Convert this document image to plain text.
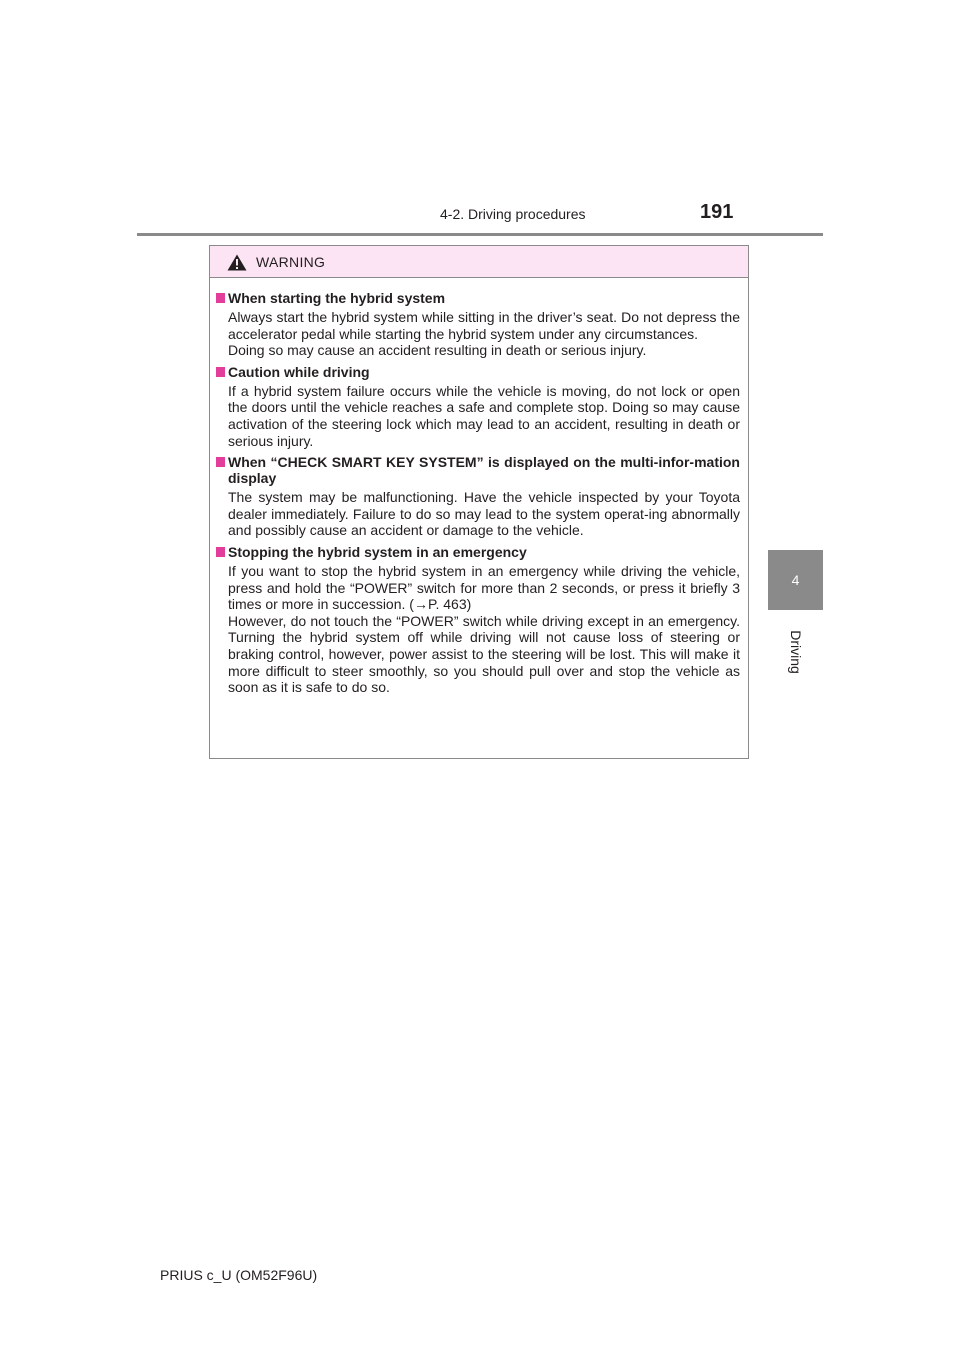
4-2. Driving procedures	191
4
Driving
WARNING
When starting the hybrid system

Always start the hybrid system while sitting in the driver’s seat. Do not depress the accelerator pedal while starting the hybrid system under any circumstances.

Doing so may cause an accident resulting in death or serious injury.

Caution while driving

If a hybrid system failure occurs while the vehicle is moving, do not lock or open the doors until the vehicle reaches a safe and complete stop. Doing so may cause activation of the steering lock which may lead to an accident, resulting in death or serious injury.

When “CHECK SMART KEY SYSTEM” is displayed on the multi-infor-mation display

The system may be malfunctioning. Have the vehicle inspected by your Toyota dealer immediately. Failure to do so may lead to the system operat-ing abnormally and possibly cause an accident or damage to the vehicle.

Stopping the hybrid system in an emergency

If you want to stop the hybrid system in an emergency while driving the vehicle, press and hold the “POWER” switch for more than 2 seconds, or press it briefly 3 times or more in succession. (→P. 463)

However, do not touch the “POWER” switch while driving except in an emergency. Turning the hybrid system off while driving will not cause loss of steering or braking control, however, power assist to the steering will be lost. This will make it more difficult to steer smoothly, so you should pull over and stop the vehicle as soon as it is safe to do so.

PRIUS c_U (OM52F96U)
